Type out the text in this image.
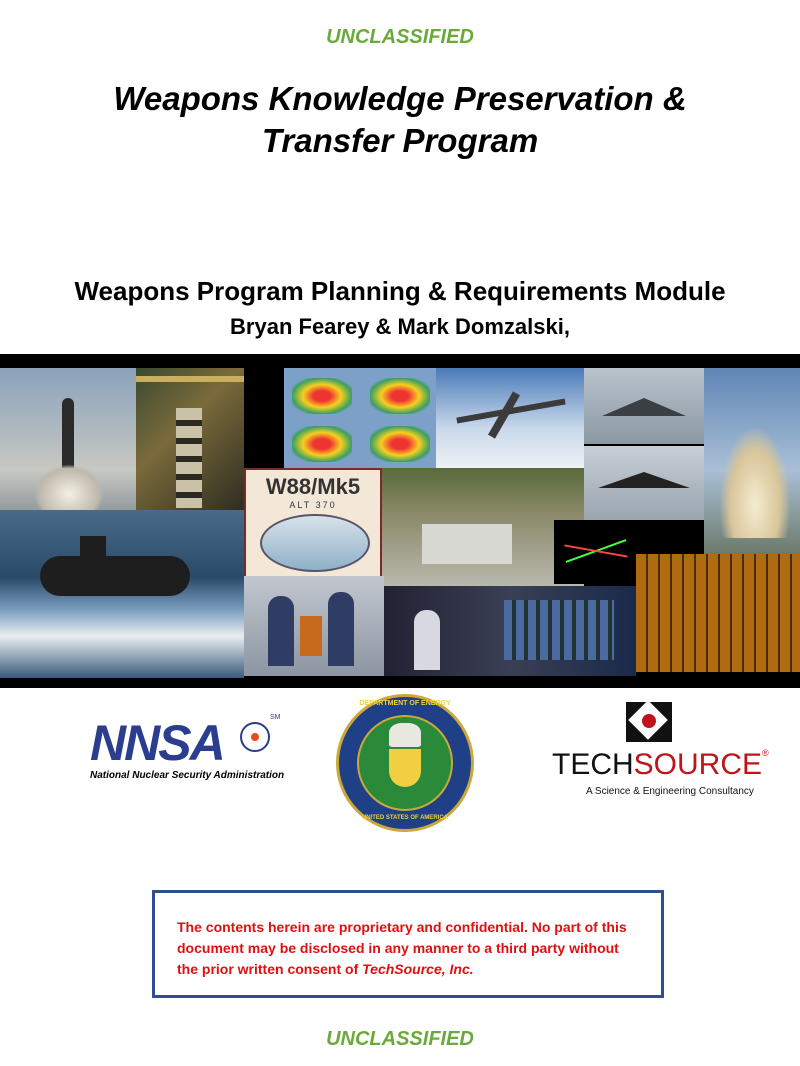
UNCLASSIFIED
Weapons Knowledge Preservation &
Transfer Program
Weapons Program Planning & Requirements Module
Bryan Fearey & Mark Domzalski,
W88/Mk5
ALT 370
NNSA	SM
National Nuclear Security Administration
DEPARTMENT OF ENERGY
UNITED STATES OF AMERICA
TECHSOURCE®
A Science & Engineering Consultancy
The contents herein are proprietary and confidential. No part of this document may be disclosed in any manner to a third party without the prior written consent of TechSource, Inc.
UNCLASSIFIED
